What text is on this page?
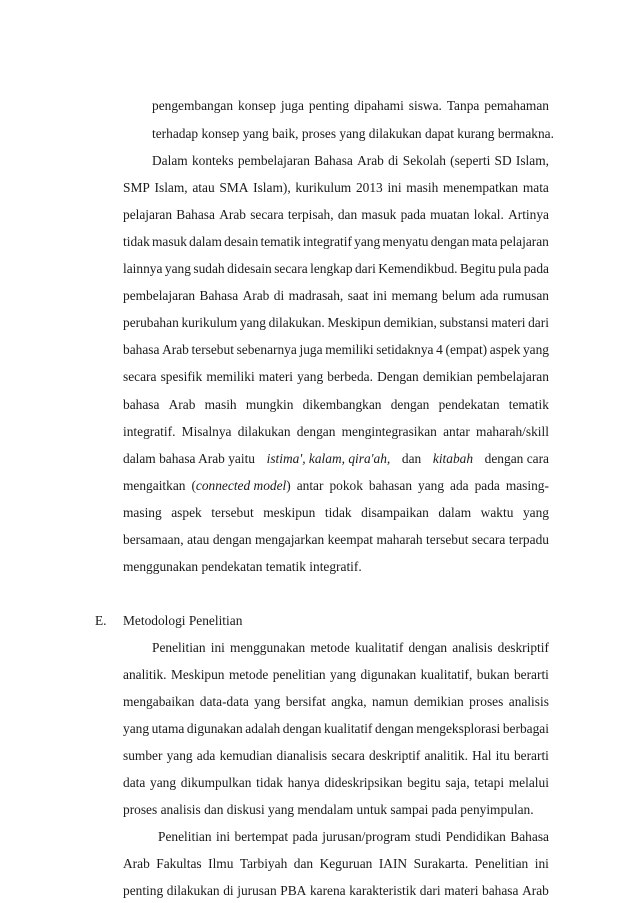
pengembangan konsep juga penting dipahami siswa. Tanpa pemahaman
terhadap konsep yang baik, proses yang dilakukan dapat kurang bermakna.
Dalam konteks pembelajaran Bahasa Arab di Sekolah (seperti SD Islam,
SMP Islam, atau SMA Islam), kurikulum 2013 ini masih menempatkan mata
pelajaran Bahasa Arab secara terpisah, dan masuk pada muatan lokal. Artinya
tidak masuk dalam desain tematik integratif yang menyatu dengan mata pelajaran
lainnya yang sudah didesain secara lengkap dari Kemendikbud. Begitu pula pada
pembelajaran Bahasa Arab di madrasah, saat ini memang belum ada rumusan
perubahan kurikulum yang dilakukan. Meskipun demikian, substansi materi dari
bahasa Arab tersebut sebenarnya juga memiliki setidaknya 4 (empat) aspek yang
secara spesifik memiliki materi yang berbeda. Dengan demikian pembelajaran
bahasa Arab masih mungkin dikembangkan dengan pendekatan tematik
integratif. Misalnya dilakukan dengan mengintegrasikan antar maharah/skill
dalam bahasa Arab yaitu istima', kalam, qira'ah, dan kitabah dengan cara
mengaitkan (connected model) antar pokok bahasan yang ada pada masing-
masing aspek tersebut meskipun tidak disampaikan dalam waktu yang
bersamaan, atau dengan mengajarkan keempat maharah tersebut secara terpadu
menggunakan pendekatan tematik integratif.
E. Metodologi Penelitian
Penelitian ini menggunakan metode kualitatif dengan analisis deskriptif
analitik. Meskipun metode penelitian yang digunakan kualitatif, bukan berarti
mengabaikan data-data yang bersifat angka, namun demikian proses analisis
yang utama digunakan adalah dengan kualitatif dengan mengeksplorasi berbagai
sumber yang ada kemudian dianalisis secara deskriptif analitik. Hal itu berarti
data yang dikumpulkan tidak hanya dideskripsikan begitu saja, tetapi melalui
proses analisis dan diskusi yang mendalam untuk sampai pada penyimpulan.
Penelitian ini bertempat pada jurusan/program studi Pendidikan Bahasa
Arab Fakultas Ilmu Tarbiyah dan Keguruan IAIN Surakarta. Penelitian ini
penting dilakukan di jurusan PBA karena karakteristik dari materi bahasa Arab
